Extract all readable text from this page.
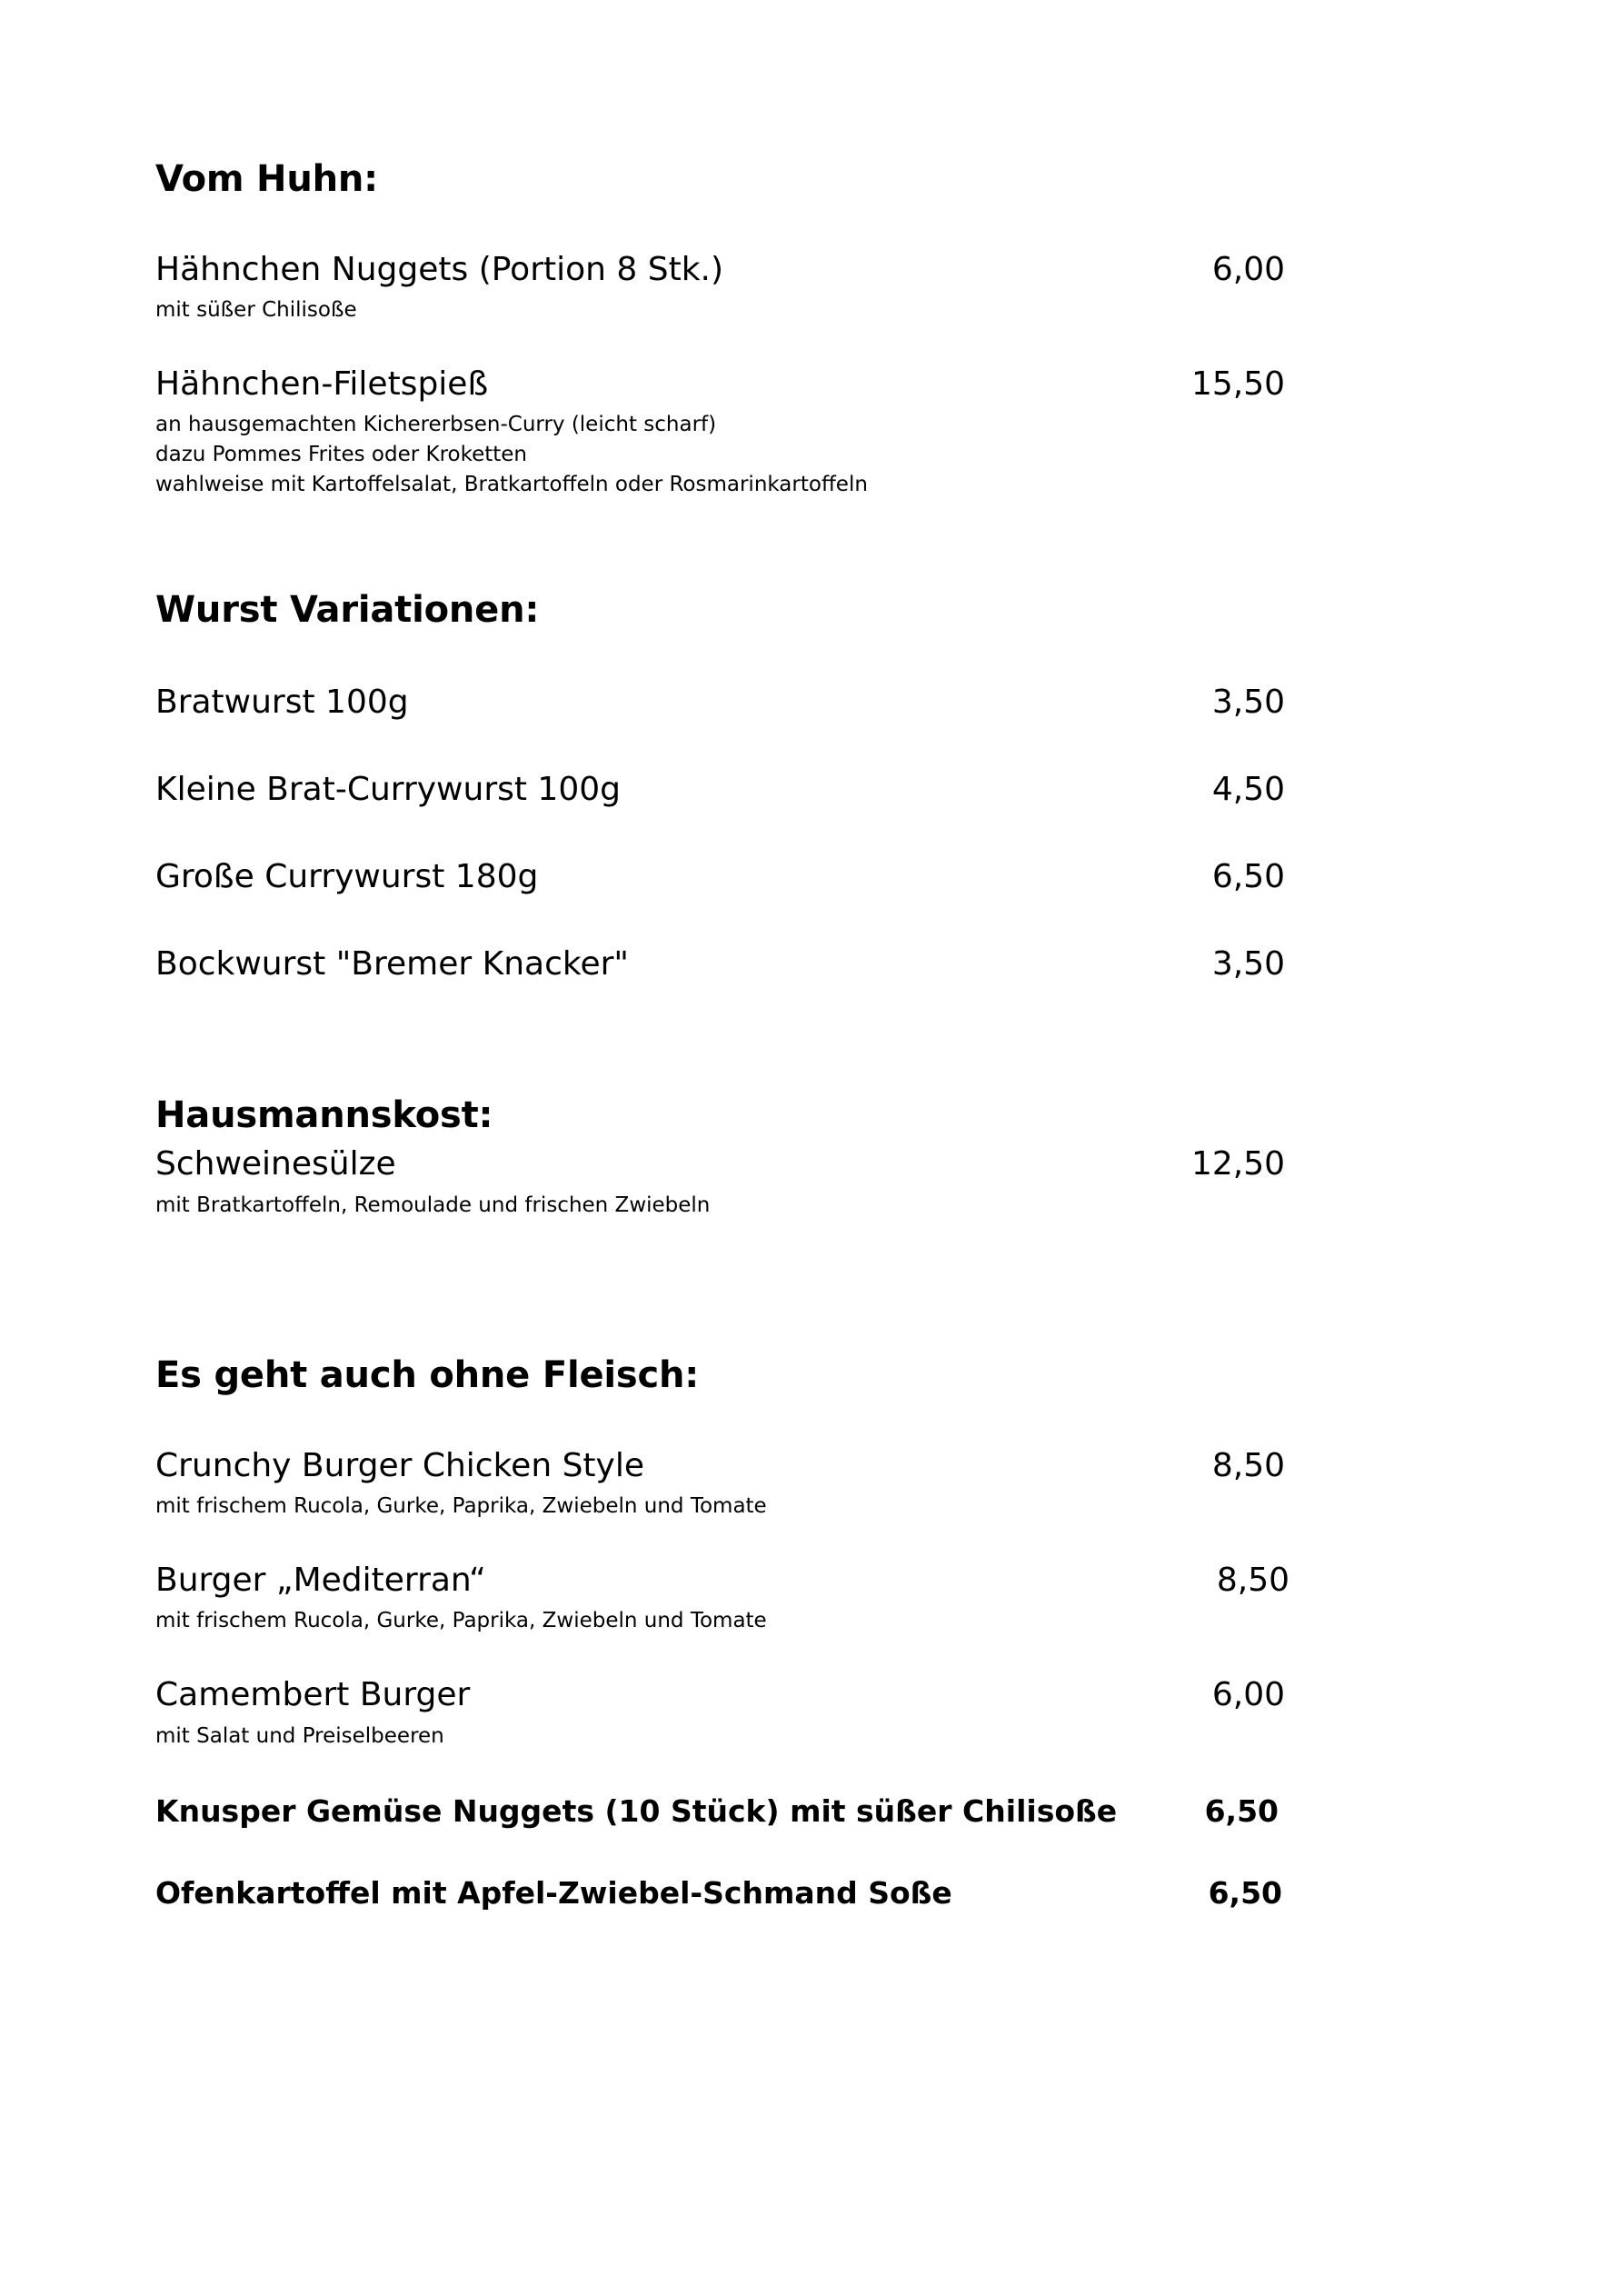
Vom Huhn:
Hähnchen Nuggets (Portion 8 Stk.)	6,00
mit süßer Chilisoße
Hähnchen-Filetspieß	15,50
an hausgemachten Kichererbsen-Curry (leicht scharf)
dazu Pommes Frites oder Kroketten
wahlweise mit Kartoffelsalat, Bratkartoffeln oder Rosmarinkartoffeln
Wurst Variationen:
Bratwurst 100g	3,50
Kleine Brat-Currywurst 100g	4,50
Große Currywurst 180g	6,50
Bockwurst "Bremer Knacker"	3,50
Hausmannskost:
Schweinesülze	12,50
mit Bratkartoffeln, Remoulade und frischen Zwiebeln
Es geht auch ohne Fleisch:
Crunchy Burger Chicken Style	8,50
mit frischem Rucola, Gurke, Paprika, Zwiebeln und Tomate
Burger „Mediterran“	8,50
mit frischem Rucola, Gurke, Paprika, Zwiebeln und Tomate
Camembert Burger	6,00
mit Salat und Preiselbeeren
Knusper Gemüse Nuggets (10 Stück) mit süßer Chilisoße	6,50
Ofenkartoffel mit Apfel-Zwiebel-Schmand Soße	6,50
